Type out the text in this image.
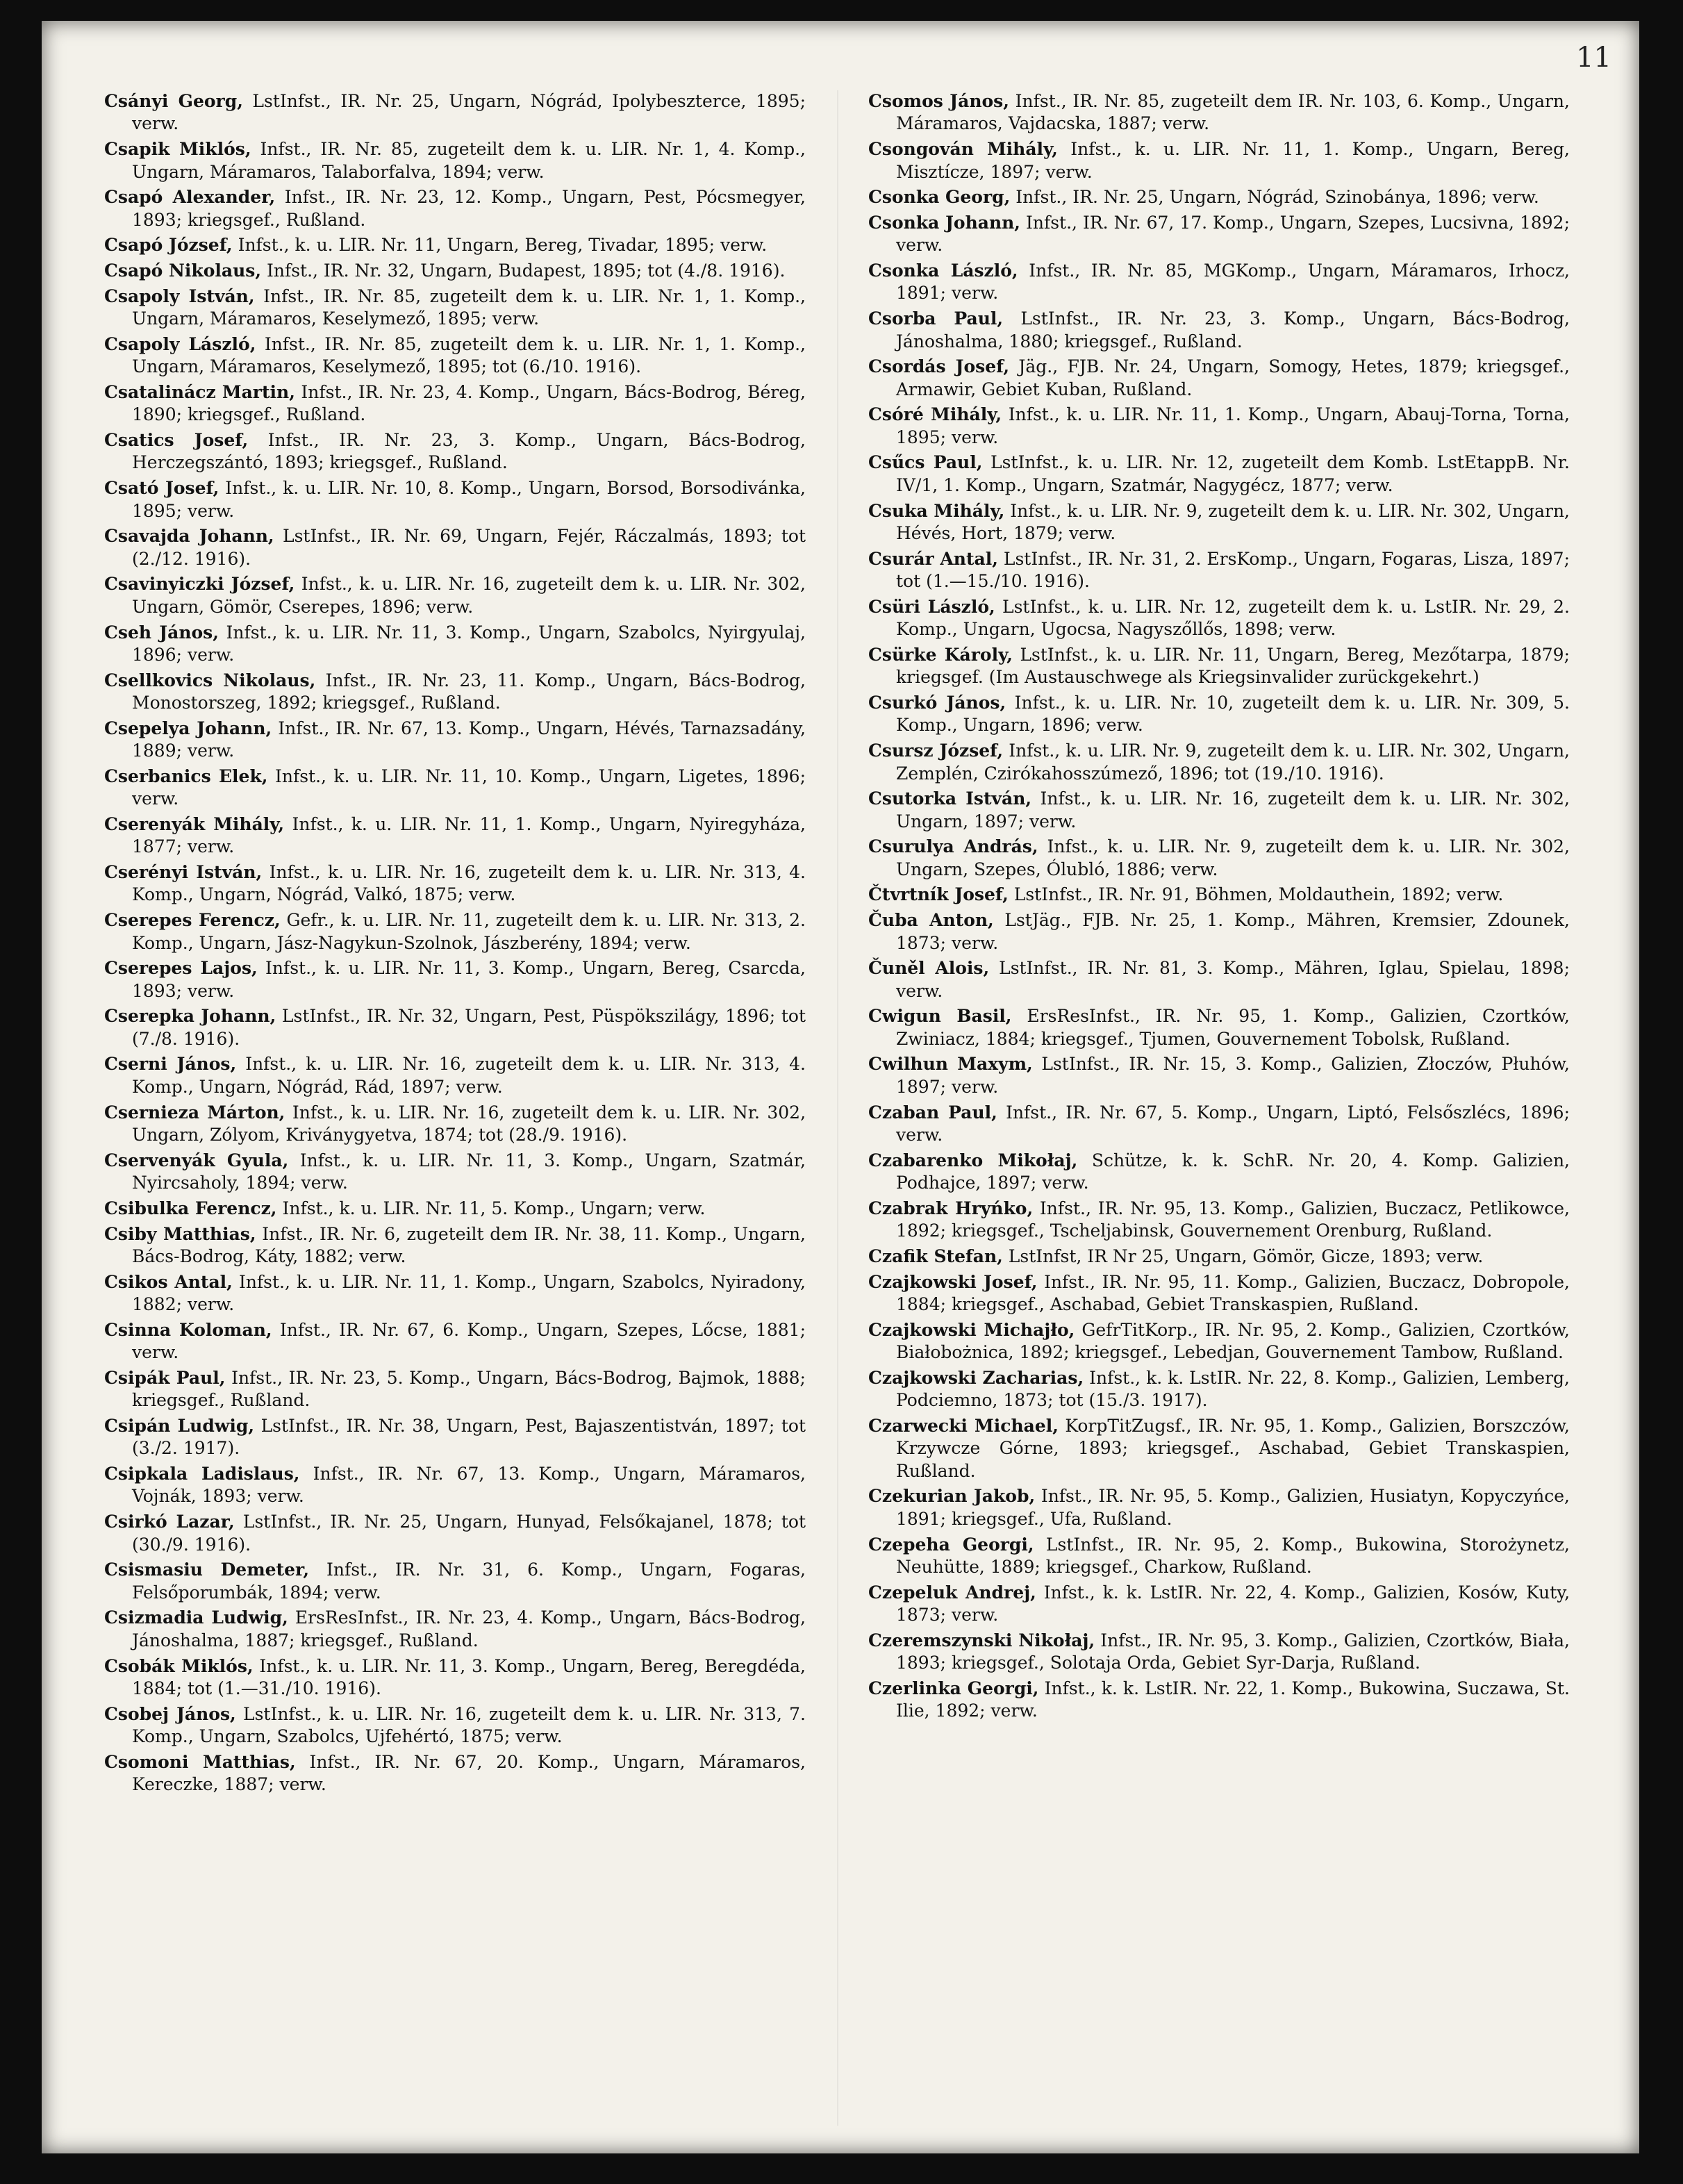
11

Csányi Georg, LstInfst., IR. Nr. 25, Ungarn, Nógrád, Ipolybeszterce, 1895; verw.

Csapik Miklós, Infst., IR. Nr. 85, zugeteilt dem k. u. LIR. Nr. 1, 4. Komp., Ungarn, Máramaros, Talaborfalva, 1894; verw.

Csapó Alexander, Infst., IR. Nr. 23, 12. Komp., Ungarn, Pest, Pócsmegyer, 1893; kriegsgef., Rußland.

Csapó József, Infst., k. u. LIR. Nr. 11, Ungarn, Bereg, Tivadar, 1895; verw.

Csapó Nikolaus, Infst., IR. Nr. 32, Ungarn, Budapest, 1895; tot (4./8. 1916).

Csapoly István, Infst., IR. Nr. 85, zugeteilt dem k. u. LIR. Nr. 1, 1. Komp., Ungarn, Máramaros, Keselymező, 1895; verw.

Csapoly László, Infst., IR. Nr. 85, zugeteilt dem k. u. LIR. Nr. 1, 1. Komp., Ungarn, Máramaros, Keselymező, 1895; tot (6./10. 1916).

Csatalinácz Martin, Infst., IR. Nr. 23, 4. Komp., Ungarn, Bács-Bodrog, Béreg, 1890; kriegsgef., Rußland.

Csatics Josef, Infst., IR. Nr. 23, 3. Komp., Ungarn, Bács-Bodrog, Herczegszántó, 1893; kriegsgef., Rußland.

Csató Josef, Infst., k. u. LIR. Nr. 10, 8. Komp., Ungarn, Borsod, Borsodivánka, 1895; verw.

Csavajda Johann, LstInfst., IR. Nr. 69, Ungarn, Fejér, Ráczalmás, 1893; tot (2./12. 1916).

Csavinyiczki József, Infst., k. u. LIR. Nr. 16, zugeteilt dem k. u. LIR. Nr. 302, Ungarn, Gömör, Cserepes, 1896; verw.

Cseh János, Infst., k. u. LIR. Nr. 11, 3. Komp., Ungarn, Szabolcs, Nyirgyulaj, 1896; verw.

Csellkovics Nikolaus, Infst., IR. Nr. 23, 11. Komp., Ungarn, Bács-Bodrog, Monostorszeg, 1892; kriegsgef., Rußland.

Csepelya Johann, Infst., IR. Nr. 67, 13. Komp., Ungarn, Hévés, Tarnazsadány, 1889; verw.

Cserbanics Elek, Infst., k. u. LIR. Nr. 11, 10. Komp., Ungarn, Ligetes, 1896; verw.

Cserenyák Mihály, Infst., k. u. LIR. Nr. 11, 1. Komp., Ungarn, Nyiregyháza, 1877; verw.

Cserényi István, Infst., k. u. LIR. Nr. 16, zugeteilt dem k. u. LIR. Nr. 313, 4. Komp., Ungarn, Nógrád, Valkó, 1875; verw.

Cserepes Ferencz, Gefr., k. u. LIR. Nr. 11, zugeteilt dem k. u. LIR. Nr. 313, 2. Komp., Ungarn, Jász-Nagykun-Szolnok, Jászberény, 1894; verw.

Cserepes Lajos, Infst., k. u. LIR. Nr. 11, 3. Komp., Ungarn, Bereg, Csarcda, 1893; verw.

Cserepka Johann, LstInfst., IR. Nr. 32, Ungarn, Pest, Püspökszilágy, 1896; tot (7./8. 1916).

Cserni János, Infst., k. u. LIR. Nr. 16, zugeteilt dem k. u. LIR. Nr. 313, 4. Komp., Ungarn, Nógrád, Rád, 1897; verw.

Csernieza Márton, Infst., k. u. LIR. Nr. 16, zugeteilt dem k. u. LIR. Nr. 302, Ungarn, Zólyom, Kriványgyetva, 1874; tot (28./9. 1916).

Cservenyák Gyula, Infst., k. u. LIR. Nr. 11, 3. Komp., Ungarn, Szatmár, Nyircsaholy, 1894; verw.

Csibulka Ferencz, Infst., k. u. LIR. Nr. 11, 5. Komp., Ungarn; verw.

Csiby Matthias, Infst., IR. Nr. 6, zugeteilt dem IR. Nr. 38, 11. Komp., Ungarn, Bács-Bodrog, Káty, 1882; verw.

Csikos Antal, Infst., k. u. LIR. Nr. 11, 1. Komp., Ungarn, Szabolcs, Nyiradony, 1882; verw.

Csinna Koloman, Infst., IR. Nr. 67, 6. Komp., Ungarn, Szepes, Lőcse, 1881; verw.

Csipák Paul, Infst., IR. Nr. 23, 5. Komp., Ungarn, Bács-Bodrog, Bajmok, 1888; kriegsgef., Rußland.

Csipán Ludwig, LstInfst., IR. Nr. 38, Ungarn, Pest, Bajaszentistván, 1897; tot (3./2. 1917).

Csipkala Ladislaus, Infst., IR. Nr. 67, 13. Komp., Ungarn, Máramaros, Vojnák, 1893; verw.

Csirkó Lazar, LstInfst., IR. Nr. 25, Ungarn, Hunyad, Felsőkajanel, 1878; tot (30./9. 1916).

Csismasiu Demeter, Infst., IR. Nr. 31, 6. Komp., Ungarn, Fogaras, Felsőporumbák, 1894; verw.

Csizmadia Ludwig, ErsResInfst., IR. Nr. 23, 4. Komp., Ungarn, Bács-Bodrog, Jánoshalma, 1887; kriegsgef., Rußland.

Csobák Miklós, Infst., k. u. LIR. Nr. 11, 3. Komp., Ungarn, Bereg, Beregdéda, 1884; tot (1.—31./10. 1916).

Csobej János, LstInfst., k. u. LIR. Nr. 16, zugeteilt dem k. u. LIR. Nr. 313, 7. Komp., Ungarn, Szabolcs, Ujfehértó, 1875; verw.

Csomoni Matthias, Infst., IR. Nr. 67, 20. Komp., Ungarn, Máramaros, Kereczke, 1887; verw.

Csomos János, Infst., IR. Nr. 85, zugeteilt dem IR. Nr. 103, 6. Komp., Ungarn, Máramaros, Vajdacska, 1887; verw.

Csongován Mihály, Infst., k. u. LIR. Nr. 11, 1. Komp., Ungarn, Bereg, Misztícze, 1897; verw.

Csonka Georg, Infst., IR. Nr. 25, Ungarn, Nógrád, Szinobánya, 1896; verw.

Csonka Johann, Infst., IR. Nr. 67, 17. Komp., Ungarn, Szepes, Lucsivna, 1892; verw.

Csonka László, Infst., IR. Nr. 85, MGKomp., Ungarn, Máramaros, Irhocz, 1891; verw.

Csorba Paul, LstInfst., IR. Nr. 23, 3. Komp., Ungarn, Bács-Bodrog, Jánoshalma, 1880; kriegsgef., Rußland.

Csordás Josef, Jäg., FJB. Nr. 24, Ungarn, Somogy, Hetes, 1879; kriegsgef., Armawir, Gebiet Kuban, Rußland.

Csóré Mihály, Infst., k. u. LIR. Nr. 11, 1. Komp., Ungarn, Abauj-Torna, Torna, 1895; verw.

Csűcs Paul, LstInfst., k. u. LIR. Nr. 12, zugeteilt dem Komb. LstEtappB. Nr. IV/1, 1. Komp., Ungarn, Szatmár, Nagygécz, 1877; verw.

Csuka Mihály, Infst., k. u. LIR. Nr. 9, zugeteilt dem k. u. LIR. Nr. 302, Ungarn, Hévés, Hort, 1879; verw.

Csurár Antal, LstInfst., IR. Nr. 31, 2. ErsKomp., Ungarn, Fogaras, Lisza, 1897; tot (1.—15./10. 1916).

Csüri László, LstInfst., k. u. LIR. Nr. 12, zugeteilt dem k. u. LstIR. Nr. 29, 2. Komp., Ungarn, Ugocsa, Nagyszőllős, 1898; verw.

Csürke Károly, LstInfst., k. u. LIR. Nr. 11, Ungarn, Bereg, Mezőtarpa, 1879; kriegsgef. (Im Austauschwege als Kriegsinvalider zurückgekehrt.)

Csurkó János, Infst., k. u. LIR. Nr. 10, zugeteilt dem k. u. LIR. Nr. 309, 5. Komp., Ungarn, 1896; verw.

Csursz József, Infst., k. u. LIR. Nr. 9, zugeteilt dem k. u. LIR. Nr. 302, Ungarn, Zemplén, Czirókahosszúmező, 1896; tot (19./10. 1916).

Csutorka István, Infst., k. u. LIR. Nr. 16, zugeteilt dem k. u. LIR. Nr. 302, Ungarn, 1897; verw.

Csurulya András, Infst., k. u. LIR. Nr. 9, zugeteilt dem k. u. LIR. Nr. 302, Ungarn, Szepes, Ólubló, 1886; verw.

Čtvrtník Josef, LstInfst., IR. Nr. 91, Böhmen, Moldauthein, 1892; verw.

Čuba Anton, LstJäg., FJB. Nr. 25, 1. Komp., Mähren, Kremsier, Zdounek, 1873; verw.

Čuněl Alois, LstInfst., IR. Nr. 81, 3. Komp., Mähren, Iglau, Spielau, 1898; verw.

Cwigun Basil, ErsResInfst., IR. Nr. 95, 1. Komp., Galizien, Czortków, Zwiniacz, 1884; kriegsgef., Tjumen, Gouvernement Tobolsk, Rußland.

Cwilhun Maxym, LstInfst., IR. Nr. 15, 3. Komp., Galizien, Złoczów, Płuhów, 1897; verw.

Czaban Paul, Infst., IR. Nr. 67, 5. Komp., Ungarn, Liptó, Felsőszlécs, 1896; verw.

Czabarenko Mikołaj, Schütze, k. k. SchR. Nr. 20, 4. Komp. Galizien, Podhajce, 1897; verw.

Czabrak Hryńko, Infst., IR. Nr. 95, 13. Komp., Galizien, Buczacz, Petlikowce, 1892; kriegsgef., Tscheljabinsk, Gouvernement Orenburg, Rußland.

Czafik Stefan, LstInfst, IR Nr 25, Ungarn, Gömör, Gicze, 1893; verw.

Czajkowski Josef, Infst., IR. Nr. 95, 11. Komp., Galizien, Buczacz, Dobropole, 1884; kriegsgef., Aschabad, Gebiet Transkaspien, Rußland.

Czajkowski Michajło, GefrTitKorp., IR. Nr. 95, 2. Komp., Galizien, Czortków, Białobożnica, 1892; kriegsgef., Lebedjan, Gouvernement Tambow, Rußland.

Czajkowski Zacharias, Infst., k. k. LstIR. Nr. 22, 8. Komp., Galizien, Lemberg, Podciemno, 1873; tot (15./3. 1917).

Czarwecki Michael, KorpTitZugsf., IR. Nr. 95, 1. Komp., Galizien, Borszczów, Krzywcze Górne, 1893; kriegsgef., Aschabad, Gebiet Transkaspien, Rußland.

Czekurian Jakob, Infst., IR. Nr. 95, 5. Komp., Galizien, Husiatyn, Kopyczyńce, 1891; kriegsgef., Ufa, Rußland.

Czepeha Georgi, LstInfst., IR. Nr. 95, 2. Komp., Bukowina, Storożynetz, Neuhütte, 1889; kriegsgef., Charkow, Rußland.

Czepeluk Andrej, Infst., k. k. LstIR. Nr. 22, 4. Komp., Galizien, Kosów, Kuty, 1873; verw.

Czeremszynski Nikołaj, Infst., IR. Nr. 95, 3. Komp., Galizien, Czortków, Biała, 1893; kriegsgef., Solotaja Orda, Gebiet Syr-Darja, Rußland.

Czerlinka Georgi, Infst., k. k. LstIR. Nr. 22, 1. Komp., Bukowina, Suczawa, St. Ilie, 1892; verw.
